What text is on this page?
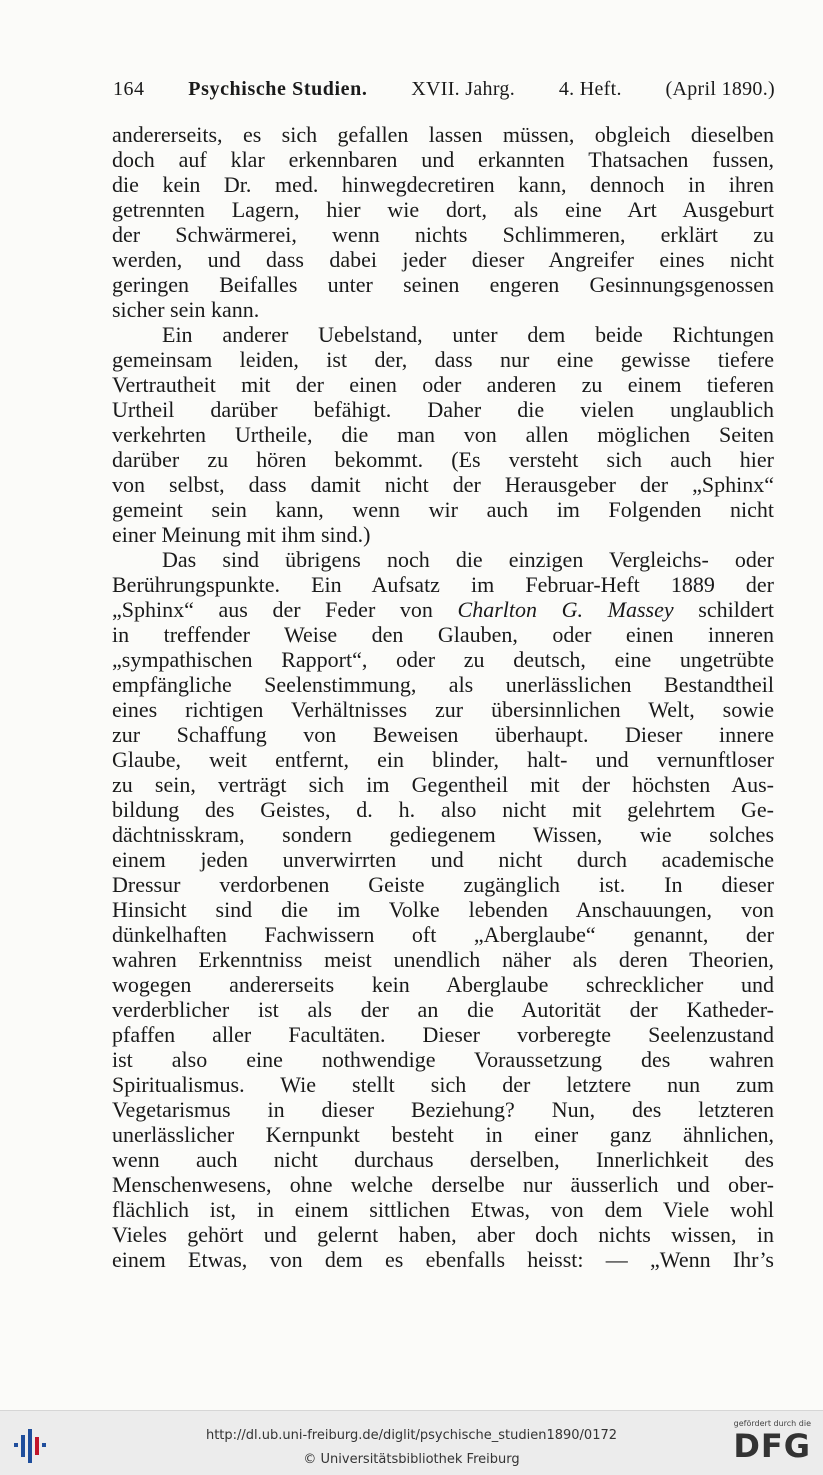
164 Psychische Studien. XVII. Jahrg. 4. Heft. (April 1890.)
andererseits, es sich gefallen lassen müssen, obgleich dieselben
doch auf klar erkennbaren und erkannten Thatsachen fussen,
die kein Dr. med. hinwegdecretiren kann, dennoch in ihren
getrennten Lagern, hier wie dort, als eine Art Ausgeburt
der Schwärmerei, wenn nichts Schlimmeren, erklärt zu
werden, und dass dabei jeder dieser Angreifer eines nicht
geringen Beifalles unter seinen engeren Gesinnungsgenossen
sicher sein kann.
Ein anderer Uebelstand, unter dem beide Richtungen
gemeinsam leiden, ist der, dass nur eine gewisse tiefere
Vertrautheit mit der einen oder anderen zu einem tieferen
Urtheil darüber befähigt. Daher die vielen unglaublich
verkehrten Urtheile, die man von allen möglichen Seiten
darüber zu hören bekommt. (Es versteht sich auch hier
von selbst, dass damit nicht der Herausgeber der „Sphinx“
gemeint sein kann, wenn wir auch im Folgenden nicht
einer Meinung mit ihm sind.)
Das sind übrigens noch die einzigen Vergleichs- oder
Berührungspunkte. Ein Aufsatz im Februar-Heft 1889 der
„Sphinx“ aus der Feder von Charlton G. Massey schildert
in treffender Weise den Glauben, oder einen inneren
„sympathischen Rapport“, oder zu deutsch, eine ungetrübte
empfängliche Seelenstimmung, als unerlässlichen Bestandtheil
eines richtigen Verhältnisses zur übersinnlichen Welt, sowie
zur Schaffung von Beweisen überhaupt. Dieser innere
Glaube, weit entfernt, ein blinder, halt- und vernunftloser
zu sein, verträgt sich im Gegentheil mit der höchsten Aus-
bildung des Geistes, d. h. also nicht mit gelehrtem Ge-
dächtnisskram, sondern gediegenem Wissen, wie solches
einem jeden unverwirrten und nicht durch academische
Dressur verdorbenen Geiste zugänglich ist. In dieser
Hinsicht sind die im Volke lebenden Anschauungen, von
dünkelhaften Fachwissern oft „Aberglaube“ genannt, der
wahren Erkenntniss meist unendlich näher als deren Theorien,
wogegen andererseits kein Aberglaube schrecklicher und
verderblicher ist als der an die Autorität der Katheder-
pfaffen aller Facultäten. Dieser vorberegte Seelenzustand
ist also eine nothwendige Voraussetzung des wahren
Spiritualismus. Wie stellt sich der letztere nun zum
Vegetarismus in dieser Beziehung? Nun, des letzteren
unerlässlicher Kernpunkt besteht in einer ganz ähnlichen,
wenn auch nicht durchaus derselben, Innerlichkeit des
Menschenwesens, ohne welche derselbe nur äusserlich und ober-
flächlich ist, in einem sittlichen Etwas, von dem Viele wohl
Vieles gehört und gelernt haben, aber doch nichts wissen, in
einem Etwas, von dem es ebenfalls heisst: — „Wenn Ihr’s
http://dl.ub.uni-freiburg.de/diglit/psychische_studien1890/0172
© Universitätsbibliothek Freiburg
gefördert durch die
DFG
